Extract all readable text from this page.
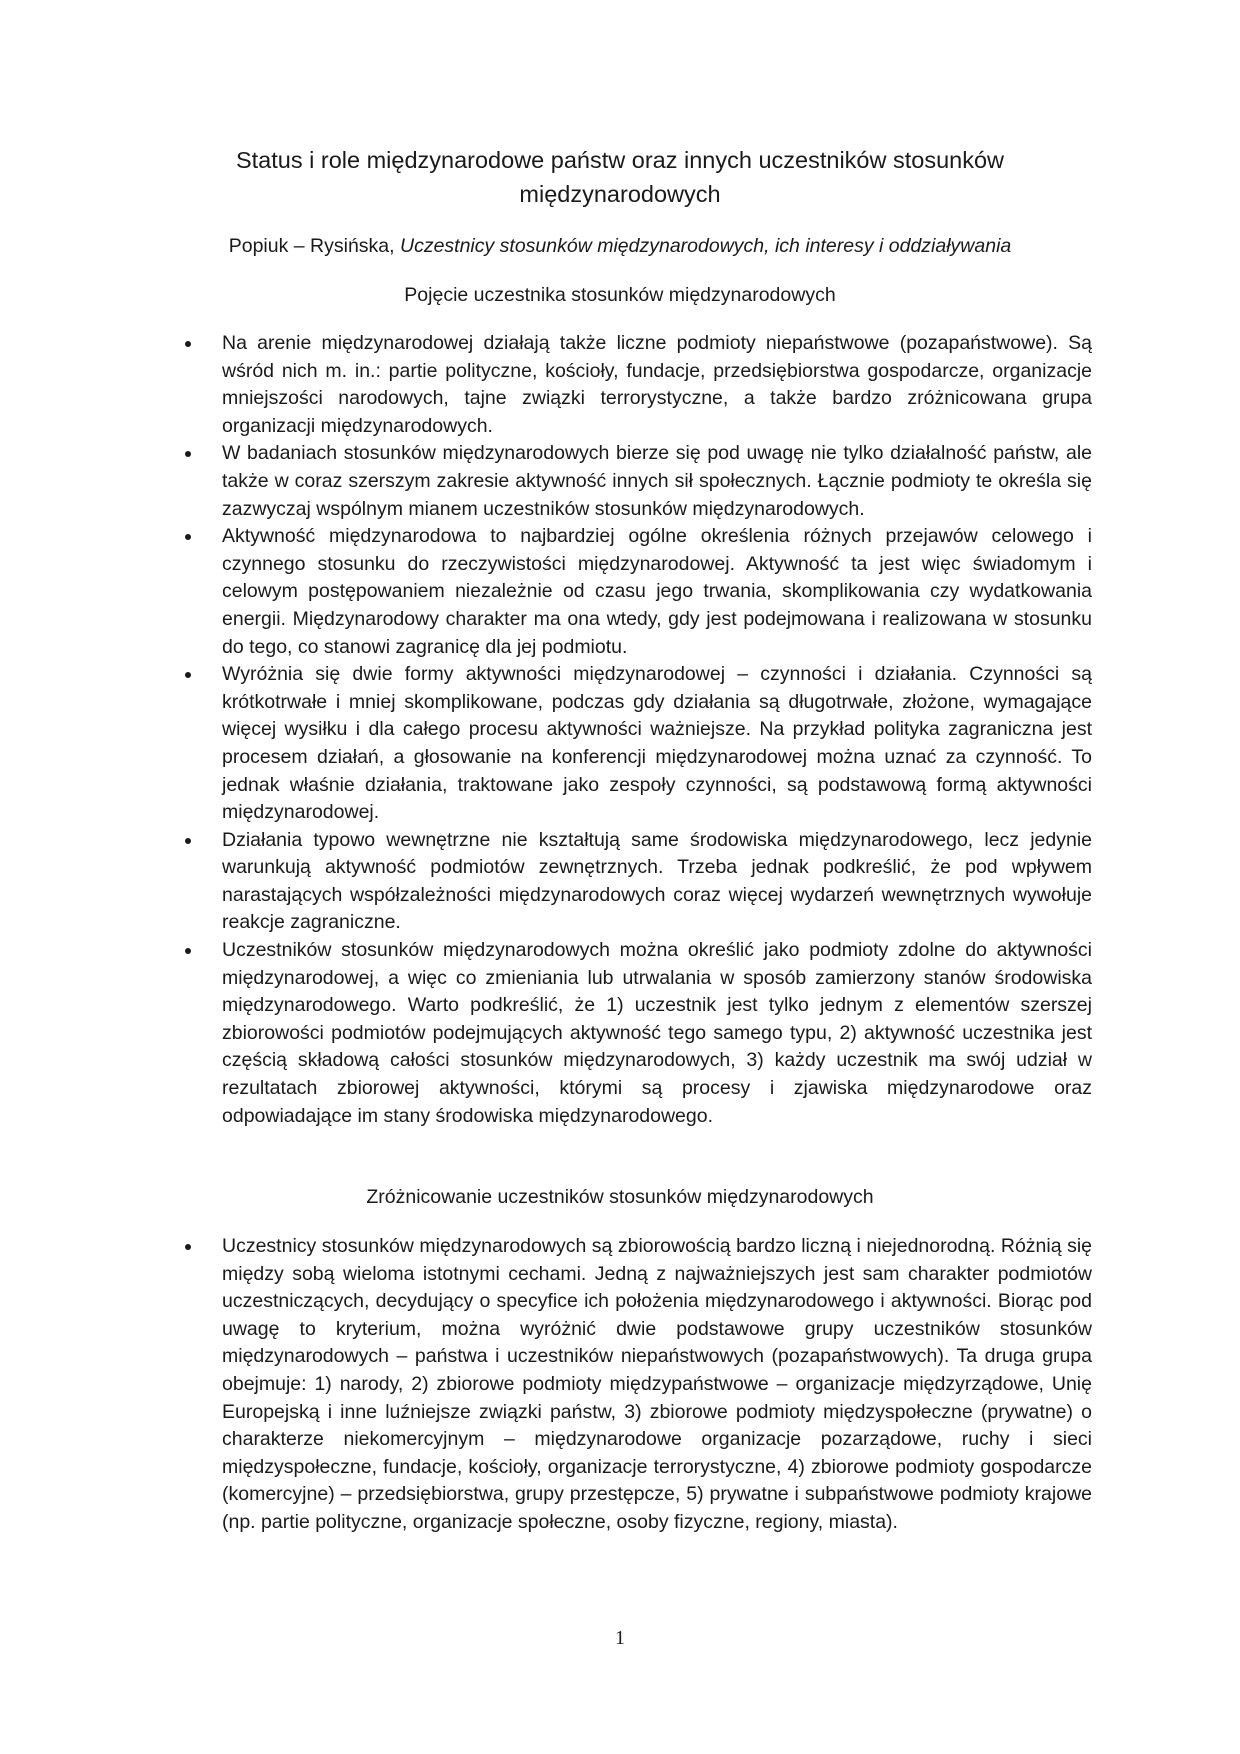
Status i role międzynarodowe państw oraz innych uczestników stosunków międzynarodowych

Popiuk – Rysińska, Uczestnicy stosunków międzynarodowych, ich interesy i oddziaływania

Pojęcie uczestnika stosunków międzynarodowych
Na arenie międzynarodowej działają także liczne podmioty niepaństwowe (pozapaństwowe). Są wśród nich m. in.: partie polityczne, kościoły, fundacje, przedsiębiorstwa gospodarcze, organizacje mniejszości narodowych, tajne związki terrorystyczne, a także bardzo zróżnicowana grupa organizacji międzynarodowych.
W badaniach stosunków międzynarodowych bierze się pod uwagę nie tylko działalność państw, ale także w coraz szerszym zakresie aktywność innych sił społecznych. Łącznie podmioty te określa się zazwyczaj wspólnym mianem uczestników stosunków międzynarodowych.
Aktywność międzynarodowa to najbardziej ogólne określenia różnych przejawów celowego i czynnego stosunku do rzeczywistości międzynarodowej. Aktywność ta jest więc świadomym i celowym postępowaniem niezależnie od czasu jego trwania, skomplikowania czy wydatkowania energii. Międzynarodowy charakter ma ona wtedy, gdy jest podejmowana i realizowana w stosunku do tego, co stanowi zagranicę dla jej podmiotu.
Wyróżnia się dwie formy aktywności międzynarodowej – czynności i działania. Czynności są krótkotrwałe i mniej skomplikowane, podczas gdy działania są długotrwałe, złożone, wymagające więcej wysiłku i dla całego procesu aktywności ważniejsze. Na przykład polityka zagraniczna jest procesem działań, a głosowanie na konferencji międzynarodowej można uznać za czynność. To jednak właśnie działania, traktowane jako zespoły czynności, są podstawową formą aktywności międzynarodowej.
Działania typowo wewnętrzne nie kształtują same środowiska międzynarodowego, lecz jedynie warunkują aktywność podmiotów zewnętrznych. Trzeba jednak podkreślić, że pod wpływem narastających współzależności międzynarodowych coraz więcej wydarzeń wewnętrznych wywołuje reakcje zagraniczne.
Uczestników stosunków międzynarodowych można określić jako podmioty zdolne do aktywności międzynarodowej, a więc co zmieniania lub utrwalania w sposób zamierzony stanów środowiska międzynarodowego. Warto podkreślić, że 1) uczestnik jest tylko jednym z elementów szerszej zbiorowości podmiotów podejmujących aktywność tego samego typu, 2) aktywność uczestnika jest częścią składową całości stosunków międzynarodowych, 3) każdy uczestnik ma swój udział w rezultatach zbiorowej aktywności, którymi są procesy i zjawiska międzynarodowe oraz odpowiadające im stany środowiska międzynarodowego.
Zróżnicowanie uczestników stosunków międzynarodowych
Uczestnicy stosunków międzynarodowych są zbiorowością bardzo liczną i niejednorodną. Różnią się między sobą wieloma istotnymi cechami. Jedną z najważniejszych jest sam charakter podmiotów uczestniczących, decydujący o specyfice ich położenia międzynarodowego i aktywności. Biorąc pod uwagę to kryterium, można wyróżnić dwie podstawowe grupy uczestników stosunków międzynarodowych – państwa i uczestników niepaństwowych (pozapaństwowych). Ta druga grupa obejmuje: 1) narody, 2) zbiorowe podmioty międzypaństwowe – organizacje międzyrządowe, Unię Europejską i inne luźniejsze związki państw, 3) zbiorowe podmioty międzyspołeczne (prywatne) o charakterze niekomercyjnym – międzynarodowe organizacje pozarządowe, ruchy i sieci międzyspołeczne, fundacje, kościoły, organizacje terrorystyczne, 4) zbiorowe podmioty gospodarcze (komercyjne) – przedsiębiorstwa, grupy przestępcze, 5) prywatne i subpaństwowe podmioty krajowe (np. partie polityczne, organizacje społeczne, osoby fizyczne, regiony, miasta).
1
